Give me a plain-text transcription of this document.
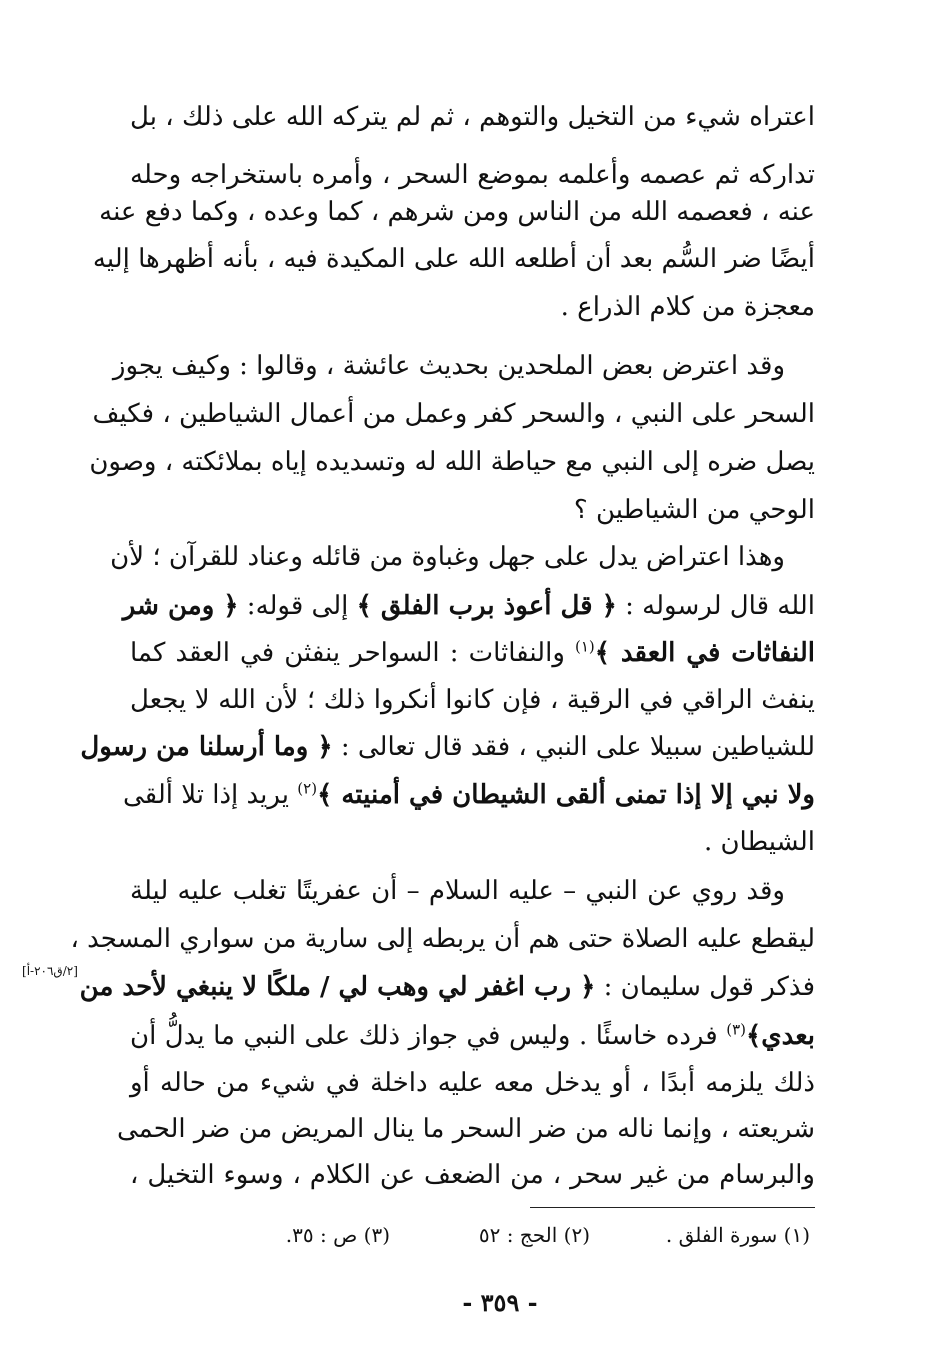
اعتراه شيء من التخيل والتوهم ، ثم لم يتركه الله على ذلك ، بل
تداركه ثم عصمه وأعلمه بموضع السحر ، وأمره باستخراجه وحله
عنه ، فعصمه الله من الناس ومن شرهم ، كما وعده ، وكما دفع عنه
أيضًا ضر السُّم بعد أن أطلعه الله على المكيدة فيه ، بأنه أظهرها إليه
معجزة من كلام الذراع .
وقد اعترض بعض الملحدين بحديث عائشة ، وقالوا : وكيف يجوز
السحر على النبي ، والسحر كفر وعمل من أعمال الشياطين ، فكيف
يصل ضره إلى النبي مع حياطة الله له وتسديده إياه بملائكته ، وصون
الوحي من الشياطين ؟
وهذا اعتراض يدل على جهل وغباوة من قائله وعناد للقرآن ؛ لأن
الله قال لرسوله : ﴿ قل أعوذ برب الفلق ﴾ إلى قوله: ﴿ ومن شر
النفاثات في العقد ﴾$^{(١)}$ والنفاثات : السواحر ينفثن في العقد كما
ينفث الراقي في الرقية ، فإن كانوا أنكروا ذلك ؛ لأن الله لا يجعل
للشياطين سبيلا على النبي ، فقد قال تعالى : ﴿ وما أرسلنا من رسول
ولا نبي إلا إذا تمنى ألقى الشيطان في أمنيته ﴾$^{(٢)}$ يريد إذا تلا ألقى
الشيطان .
وقد روي عن النبي – عليه السلام – أن عفريتًا تغلب عليه ليلة
ليقطع عليه الصلاة حتى هم أن يربطه إلى سارية من سواري المسجد ،
فذكر قول سليمان : ﴿ رب اغفر لي وهب لي / ملكًا لا ينبغي لأحد من
بعدي﴾$^{(٣)}$ فرده خاسئًا . وليس في جواز ذلك على النبي ما يدلُّ أن
ذلك يلزمه أبدًا ، أو يدخل معه عليه داخلة في شيء من حاله أو
شريعته ، وإنما ناله من ضر السحر ما ينال المريض من ضر الحمى
والبرسام من غير سحر ، من الضعف عن الكلام ، وسوء التخيل ،
[٢/ق٢٠٦-أ]
(١) سورة الفلق .
(٢) الحج : ٥٢
(٣) ص : ٣٥.
- ٣٥٩ -
